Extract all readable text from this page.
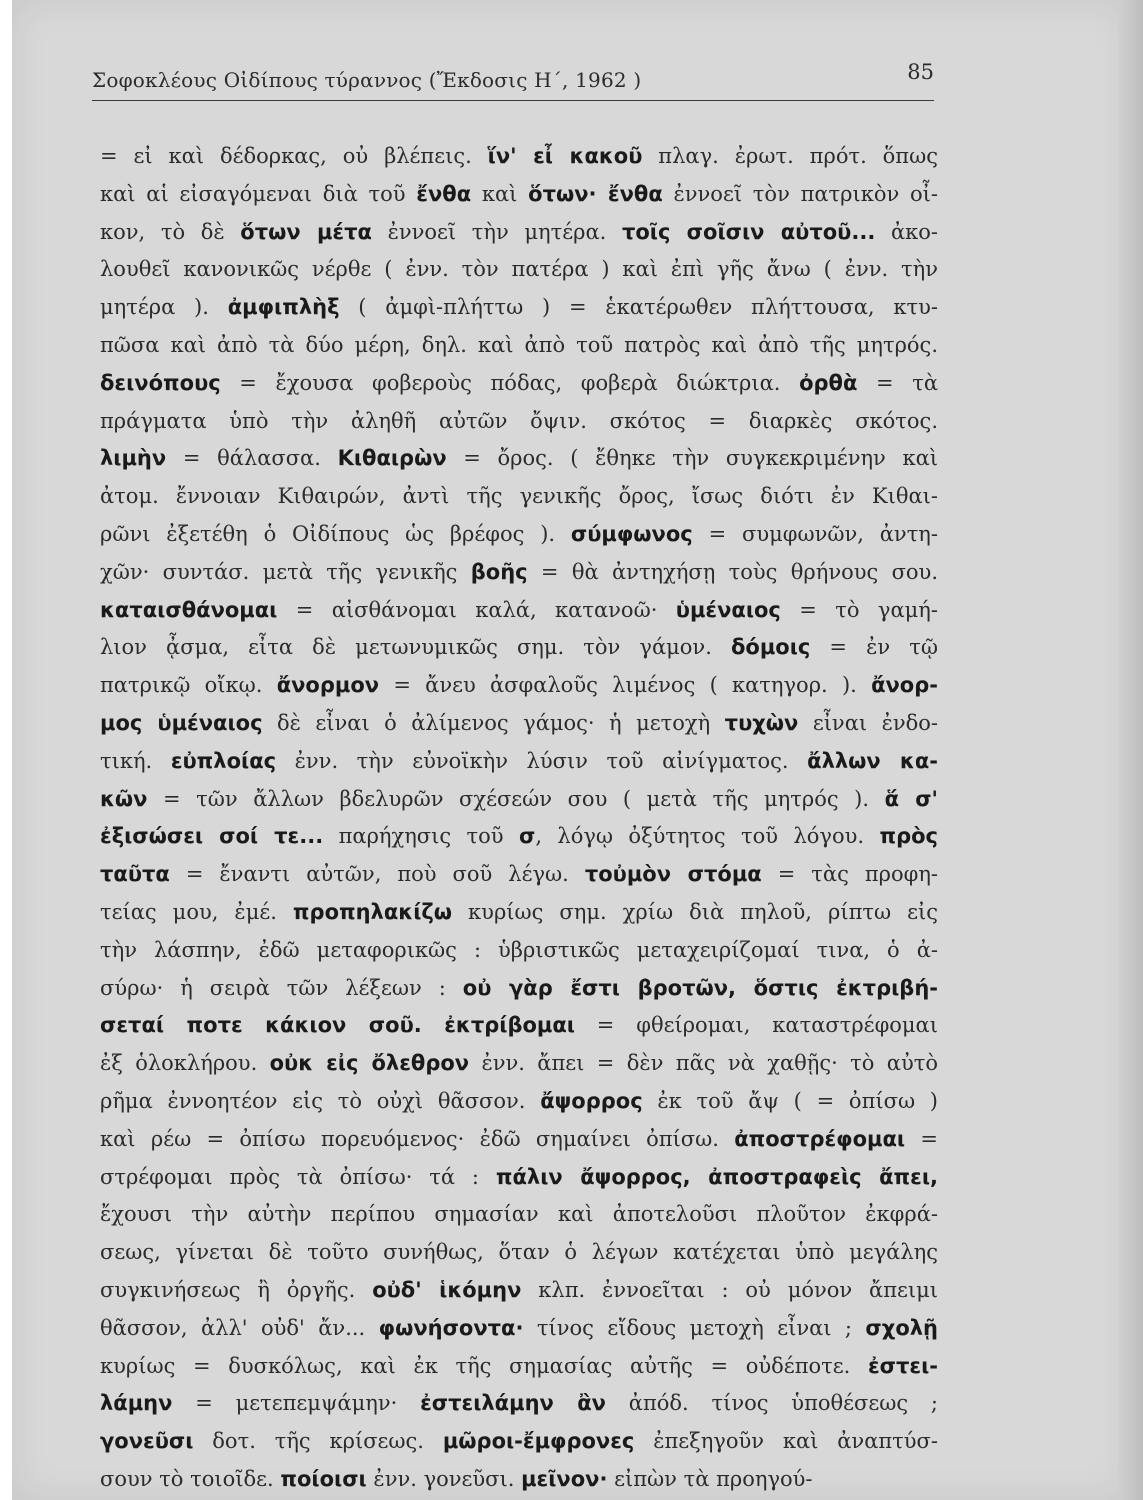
Σοφοκλέους Οἰδίπους τύραννος (Ἔκδοσις Η΄, 1962 )	85
= εἰ καὶ δέδορκας, οὐ βλέπεις. ἵν' εἶ κακοῦ πλαγ. ἐρωτ. πρότ. ὅπως
καὶ αἱ εἰσαγόμεναι διὰ τοῦ ἔνθα καὶ ὅτων· ἔνθα ἐννοεῖ τὸν πατρικὸν οἶ-
κον, τὸ δὲ ὅτων μέτα ἐννοεῖ τὴν μητέρα. τοῖς σοῖσιν αὐτοῦ... ἀκο-
λουθεῖ κανονικῶς νέρθε ( ἐνν. τὸν πατέρα ) καὶ ἐπὶ γῆς ἄνω ( ἐνν. τὴν
μητέρα ). ἀμφιπλὴξ ( ἀμφὶ-πλήττω ) = ἑκατέρωθεν πλήττουσα, κτυ-
πῶσα καὶ ἀπὸ τὰ δύο μέρη, δηλ. καὶ ἀπὸ τοῦ πατρὸς καὶ ἀπὸ τῆς μητρός.
δεινόπους = ἔχουσα φοβεροὺς πόδας, φοβερὰ διώκτρια. ὀρθὰ = τὰ
πράγματα ὑπὸ τὴν ἀληθῆ αὐτῶν ὄψιν. σκότος = διαρκὲς σκότος.
λιμὴν = θάλασσα. Κιθαιρὼν = ὄρος. ( ἔθηκε τὴν συγκεκριμένην καὶ
ἀτομ. ἔννοιαν Κιθαιρών, ἀντὶ τῆς γενικῆς ὄρος, ἴσως διότι ἐν Κιθαι-
ρῶνι ἐξετέθη ὁ Οἰδίπους ὡς βρέφος ). σύμφωνος = συμφωνῶν, ἀντη-
χῶν· συντάσ. μετὰ τῆς γενικῆς βοῆς = θὰ ἀντηχήσῃ τοὺς θρήνους σου.
καταισθάνομαι = αἰσθάνομαι καλά, κατανοῶ· ὑμέναιος = τὸ γαμή-
λιον ᾆσμα, εἶτα δὲ μετωνυμικῶς σημ. τὸν γάμον. δόμοις = ἐν τῷ
πατρικῷ οἴκῳ. ἄνορμον = ἄνευ ἀσφαλοῦς λιμένος ( κατηγορ. ). ἄνορ-
μος ὑμέναιος δὲ εἶναι ὁ ἀλίμενος γάμος· ἡ μετοχὴ τυχὼν εἶναι ἐνδο-
τική. εὐπλοίας ἐνν. τὴν εὐνοϊκὴν λύσιν τοῦ αἰνίγματος. ἄλλων κα-
κῶν = τῶν ἄλλων βδελυρῶν σχέσεών σου ( μετὰ τῆς μητρός ). ἅ σ'
ἐξισώσει σοί τε... παρήχησις τοῦ σ, λόγῳ ὀξύτητος τοῦ λόγου. πρὸς
ταῦτα = ἔναντι αὐτῶν, ποὺ σοῦ λέγω. τοὐμὸν στόμα = τὰς προφη-
τείας μου, ἐμέ. προπηλακίζω κυρίως σημ. χρίω διὰ πηλοῦ, ρίπτω εἰς
τὴν λάσπην, ἐδῶ μεταφορικῶς : ὑβριστικῶς μεταχειρίζομαί τινα, ὁ ἀ-
σύρω· ἡ σειρὰ τῶν λέξεων : οὐ γὰρ ἔστι βροτῶν, ὅστις ἐκτριβή-
σεταί ποτε κάκιον σοῦ. ἐκτρίβομαι = φθείρομαι, καταστρέφομαι
ἐξ ὁλοκλήρου. οὐκ εἰς ὄλεθρον ἐνν. ἄπει = δὲν πᾶς νὰ χαθῇς· τὸ αὐτὸ
ρῆμα ἐννοητέον εἰς τὸ οὐχὶ θᾶσσον. ἄψορρος ἐκ τοῦ ἄψ ( = ὀπίσω )
καὶ ρέω = ὀπίσω πορευόμενος· ἐδῶ σημαίνει ὀπίσω. ἀποστρέφομαι =
στρέφομαι πρὸς τὰ ὀπίσω· τά : πάλιν ἄψορρος, ἀποστραφεὶς ἄπει,
ἔχουσι τὴν αὐτὴν περίπου σημασίαν καὶ ἀποτελοῦσι πλοῦτον ἐκφρά-
σεως, γίνεται δὲ τοῦτο συνήθως, ὅταν ὁ λέγων κατέχεται ὑπὸ μεγάλης
συγκινήσεως ἢ ὀργῆς. οὐδ' ἱκόμην κλπ. ἐννοεῖται : οὐ μόνον ἄπειμι
θᾶσσον, ἀλλ' οὐδ' ἄν... φωνήσοντα· τίνος εἴδους μετοχὴ εἶναι ; σχολῇ
κυρίως = δυσκόλως, καὶ ἐκ τῆς σημασίας αὐτῆς = οὐδέποτε. ἐστει-
λάμην = μετεπεμψάμην· ἐστειλάμην ἂν ἀπόδ. τίνος ὑποθέσεως ;
γονεῦσι δοτ. τῆς κρίσεως. μῶροι-ἔμφρονες ἐπεξηγοῦν καὶ ἀναπτύσ-
σουν τὸ τοιοῖδε. ποίοισι ἐνν. γονεῦσι. μεῖνον· εἰπὼν τὰ προηγού-
